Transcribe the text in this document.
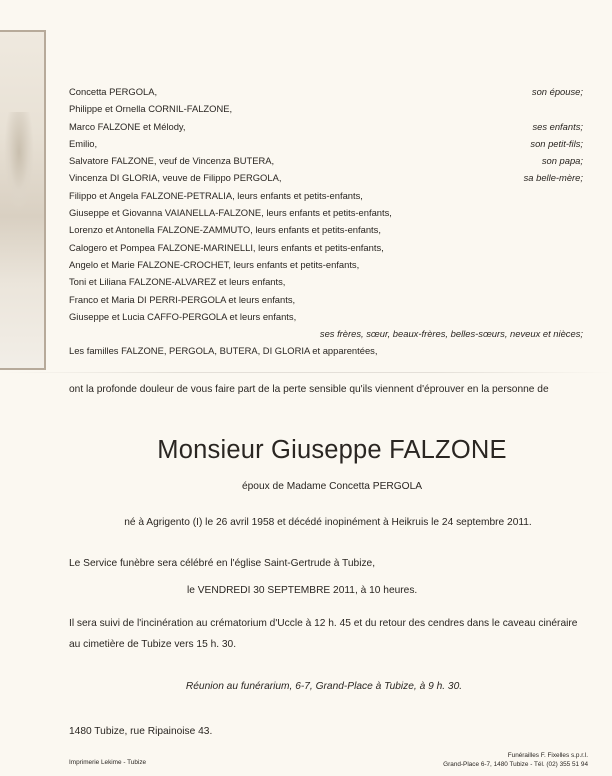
Concetta PERGOLA,	son épouse;
Philippe et Ornella CORNIL-FALZONE,
Marco FALZONE et Mélody,	ses enfants;
Emilio,	son petit-fils;
Salvatore FALZONE, veuf de Vincenza BUTERA,	son papa;
Vincenza DI GLORIA, veuve de Filippo PERGOLA,	sa belle-mère;
Filippo et Angela FALZONE-PETRALIA, leurs enfants et petits-enfants,
Giuseppe et Giovanna VAIANELLA-FALZONE, leurs enfants et petits-enfants,
Lorenzo et Antonella FALZONE-ZAMMUTO, leurs enfants et petits-enfants,
Calogero et Pompea FALZONE-MARINELLI, leurs enfants et petits-enfants,
Angelo et Marie FALZONE-CROCHET, leurs enfants et petits-enfants,
Toni et Liliana FALZONE-ALVAREZ et leurs enfants,
Franco et Maria DI PERRI-PERGOLA et leurs enfants,
Giuseppe et Lucia CAFFO-PERGOLA et leurs enfants,
ses frères, sœur, beaux-frères, belles-sœurs, neveux et nièces;
Les familles FALZONE, PERGOLA, BUTERA, DI GLORIA et apparentées,
ont la profonde douleur de vous faire part de la perte sensible qu'ils viennent d'éprouver en la personne de
Monsieur Giuseppe FALZONE
époux de Madame Concetta PERGOLA
né à Agrigento (I) le 26 avril 1958 et décédé inopinément à Heikruis le 24 septembre 2011.
Le Service funèbre sera célébré en l'église Saint-Gertrude à Tubize,
le VENDREDI 30 SEPTEMBRE 2011, à 10 heures.
Il sera suivi de l'incinération au crématorium d'Uccle à 12 h. 45 et du retour des cendres dans le caveau cinéraire au cimetière de Tubize vers 15 h. 30.
Réunion au funérarium, 6-7, Grand-Place à Tubize, à 9 h. 30.
1480 Tubize, rue Ripainoise 43.
Imprimerie Lekime - Tubize
Funérailles F. Fixelles s.p.r.l.
Grand-Place 6-7, 1480 Tubize - Tél. (02) 355 51 94
